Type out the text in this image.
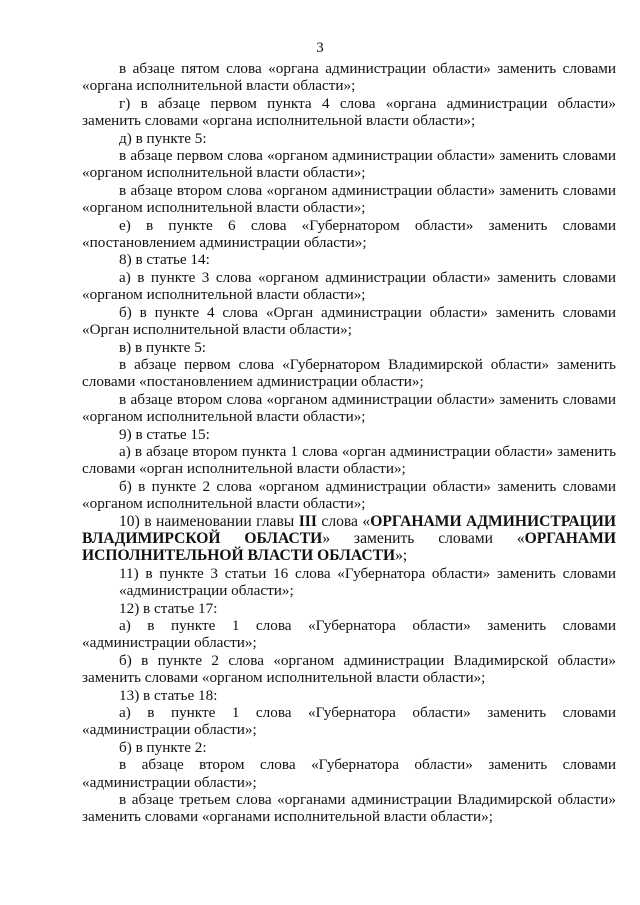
3

в абзаце пятом слова «органа администрации области» заменить словами «органа исполнительной власти области»;

г) в абзаце первом пункта 4 слова «органа администрации области» заменить словами «органа исполнительной власти области»;

д) в пункте 5:

в абзаце первом слова «органом администрации области» заменить словами «органом исполнительной власти области»;

в абзаце втором слова «органом администрации области» заменить словами «органом исполнительной власти области»;

е) в пункте 6 слова «Губернатором области» заменить словами «постановлением администрации области»;

8) в статье 14:

а) в пункте 3 слова «органом администрации области» заменить словами «органом исполнительной власти области»;

б) в пункте 4 слова «Орган администрации области» заменить словами «Орган исполнительной власти области»;

в) в пункте 5:

в абзаце первом слова «Губернатором Владимирской области» заменить словами «постановлением администрации области»;

в абзаце втором слова «органом администрации области» заменить словами «органом исполнительной власти области»;

9) в статье 15:

а) в абзаце втором пункта 1 слова «орган администрации области» заменить словами «орган исполнительной власти области»;

б) в пункте 2 слова «органом администрации области» заменить словами «органом исполнительной власти области»;

10) в наименовании главы III слова «ОРГАНАМИ АДМИНИСТРАЦИИ ВЛАДИМИРСКОЙ ОБЛАСТИ» заменить словами «ОРГАНАМИ ИСПОЛНИТЕЛЬНОЙ ВЛАСТИ ОБЛАСТИ»;

11) в пункте 3 статьи 16 слова «Губернатора области» заменить словами «администрации области»;

12) в статье 17:

а) в пункте 1 слова «Губернатора области» заменить словами «администрации области»;

б) в пункте 2 слова «органом администрации Владимирской области» заменить словами «органом исполнительной власти области»;

13) в статье 18:

а) в пункте 1 слова «Губернатора области» заменить словами «администрации области»;

б) в пункте 2:

в абзаце втором слова «Губернатора области» заменить словами «администрации области»;

в абзаце третьем слова «органами администрации Владимирской области» заменить словами «органами исполнительной власти области»;
